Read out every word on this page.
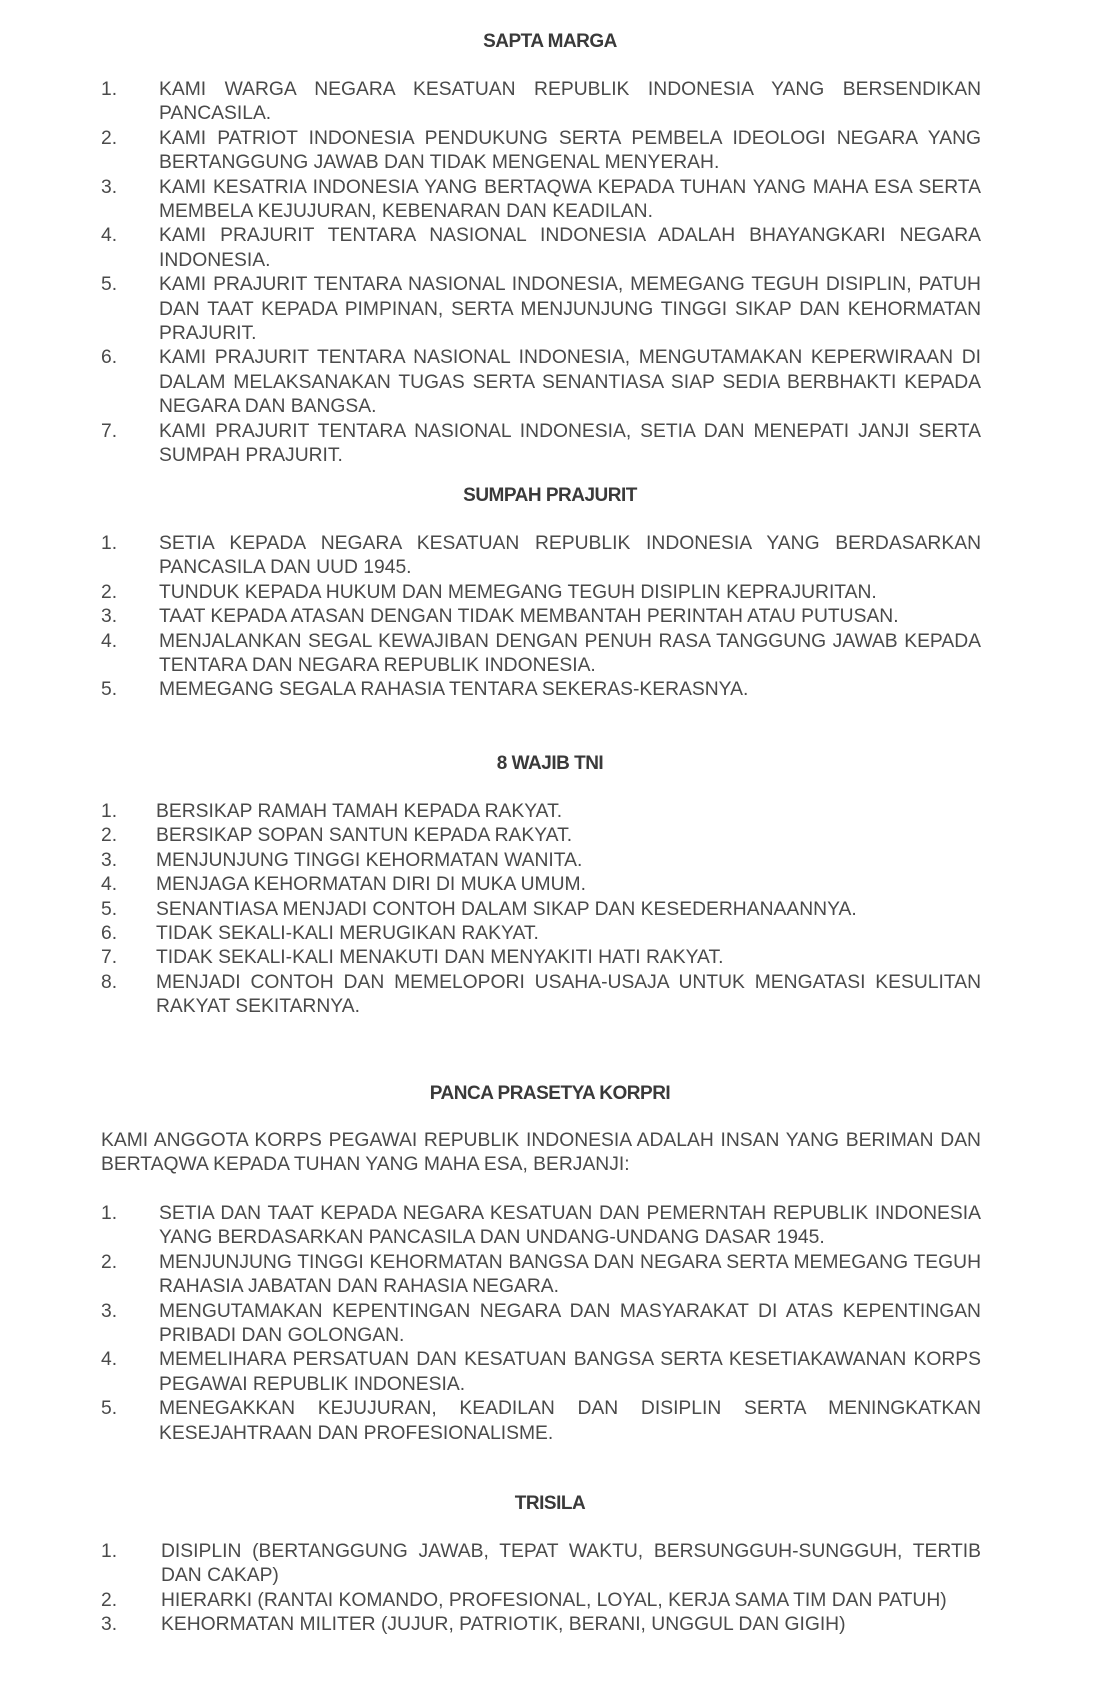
SAPTA MARGA
1. KAMI WARGA NEGARA KESATUAN REPUBLIK INDONESIA YANG BERSENDIKAN PANCASILA.
2. KAMI PATRIOT INDONESIA PENDUKUNG SERTA PEMBELA IDEOLOGI NEGARA YANG BERTANGGUNG JAWAB DAN TIDAK MENGENAL MENYERAH.
3. KAMI KESATRIA INDONESIA YANG BERTAQWA KEPADA TUHAN YANG MAHA ESA SERTA MEMBELA KEJUJURAN, KEBENARAN DAN KEADILAN.
4. KAMI PRAJURIT TENTARA NASIONAL INDONESIA ADALAH BHAYANGKARI NEGARA INDONESIA.
5. KAMI PRAJURIT TENTARA NASIONAL INDONESIA, MEMEGANG TEGUH DISIPLIN, PATUH DAN TAAT KEPADA PIMPINAN, SERTA MENJUNJUNG TINGGI SIKAP DAN KEHORMATAN PRAJURIT.
6. KAMI PRAJURIT TENTARA NASIONAL INDONESIA, MENGUTAMAKAN KEPERWIRAAN DI DALAM MELAKSANAKAN TUGAS SERTA SENANTIASA SIAP SEDIA BERBHAKTI KEPADA NEGARA DAN BANGSA.
7. KAMI PRAJURIT TENTARA NASIONAL INDONESIA, SETIA DAN MENEPATI JANJI SERTA SUMPAH PRAJURIT.
SUMPAH PRAJURIT
1. SETIA KEPADA NEGARA KESATUAN REPUBLIK INDONESIA YANG BERDASARKAN PANCASILA DAN UUD 1945.
2. TUNDUK KEPADA HUKUM DAN MEMEGANG TEGUH DISIPLIN KEPRAJURITAN.
3. TAAT KEPADA ATASAN DENGAN TIDAK MEMBANTAH PERINTAH ATAU PUTUSAN.
4. MENJALANKAN SEGAL KEWAJIBAN DENGAN PENUH RASA TANGGUNG JAWAB KEPADA TENTARA DAN NEGARA REPUBLIK INDONESIA.
5. MEMEGANG SEGALA RAHASIA TENTARA SEKERAS-KERASNYA.
8 WAJIB TNI
1. BERSIKAP RAMAH TAMAH KEPADA RAKYAT.
2. BERSIKAP SOPAN SANTUN KEPADA RAKYAT.
3. MENJUNJUNG TINGGI KEHORMATAN WANITA.
4. MENJAGA KEHORMATAN DIRI DI MUKA UMUM.
5. SENANTIASA MENJADI CONTOH DALAM SIKAP DAN KESEDERHANAANNYA.
6. TIDAK SEKALI-KALI MERUGIKAN RAKYAT.
7. TIDAK SEKALI-KALI MENAKUTI DAN MENYAKITI HATI RAKYAT.
8. MENJADI CONTOH DAN MEMELOPORI USAHA-USAJA UNTUK MENGATASI KESULITAN RAKYAT SEKITARNYA.
PANCA PRASETYA KORPRI
KAMI ANGGOTA KORPS PEGAWAI REPUBLIK INDONESIA ADALAH INSAN YANG BERIMAN DAN BERTAQWA KEPADA TUHAN YANG MAHA ESA, BERJANJI:
1. SETIA DAN TAAT KEPADA NEGARA KESATUAN DAN PEMERNTAH REPUBLIK INDONESIA YANG BERDASARKAN PANCASILA DAN UNDANG-UNDANG DASAR 1945.
2. MENJUNJUNG TINGGI KEHORMATAN BANGSA DAN NEGARA SERTA MEMEGANG TEGUH RAHASIA JABATAN DAN RAHASIA NEGARA.
3. MENGUTAMAKAN KEPENTINGAN NEGARA DAN MASYARAKAT DI ATAS KEPENTINGAN PRIBADI DAN GOLONGAN.
4. MEMELIHARA PERSATUAN DAN KESATUAN BANGSA SERTA KESETIAKAWANAN KORPS PEGAWAI REPUBLIK INDONESIA.
5. MENEGAKKAN KEJUJURAN, KEADILAN DAN DISIPLIN SERTA MENINGKATKAN KESEJAHTRAAN DAN PROFESIONALISME.
TRISILA
1. DISIPLIN (BERTANGGUNG JAWAB, TEPAT WAKTU, BERSUNGGUH-SUNGGUH, TERTIB DAN CAKAP)
2. HIERARKI (RANTAI KOMANDO, PROFESIONAL, LOYAL, KERJA SAMA TIM DAN PATUH)
3. KEHORMATAN MILITER (JUJUR, PATRIOTIK, BERANI, UNGGUL DAN GIGIH)
